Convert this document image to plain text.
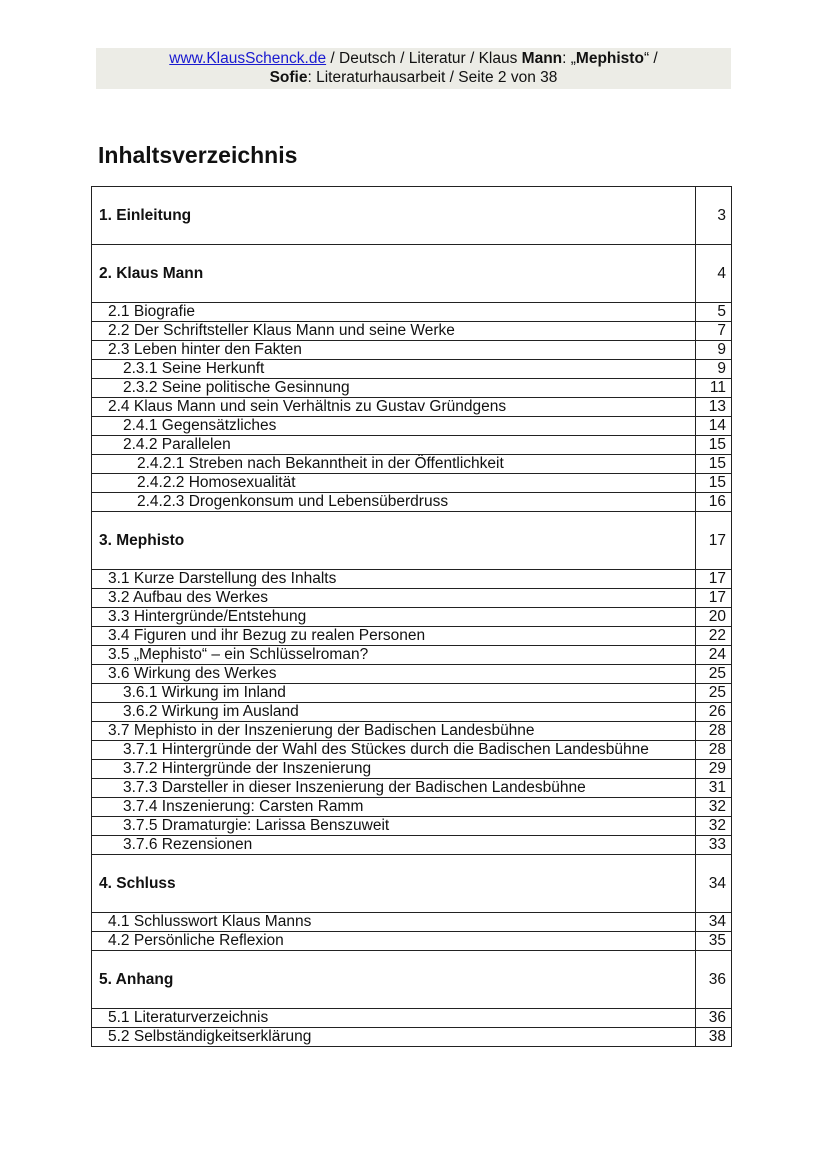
www.KlausSchenck.de / Deutsch / Literatur / Klaus Mann: „Mephisto“ /
Sofie: Literaturhausarbeit / Seite 2 von 38
Inhaltsverzeichnis
1. Einleitung	3
2. Klaus Mann	4
2.1 Biografie	5
2.2 Der Schriftsteller Klaus Mann und seine Werke	7
2.3 Leben hinter den Fakten	9
2.3.1 Seine Herkunft	9
2.3.2 Seine politische Gesinnung	11
2.4 Klaus Mann und sein Verhältnis zu Gustav Gründgens	13
2.4.1 Gegensätzliches	14
2.4.2 Parallelen	15
2.4.2.1 Streben nach Bekanntheit in der Öffentlichkeit	15
2.4.2.2 Homosexualität	15
2.4.2.3 Drogenkonsum und Lebensüberdruss	16
3. Mephisto	17
3.1 Kurze Darstellung des Inhalts	17
3.2 Aufbau des Werkes	17
3.3 Hintergründe/Entstehung	20
3.4 Figuren und ihr Bezug zu realen Personen	22
3.5 „Mephisto“ – ein Schlüsselroman?	24
3.6 Wirkung des Werkes	25
3.6.1 Wirkung im Inland	25
3.6.2 Wirkung im Ausland	26
3.7 Mephisto in der Inszenierung der Badischen Landesbühne	28
3.7.1 Hintergründe der Wahl des Stückes durch die Badischen Landesbühne	28
3.7.2 Hintergründe der Inszenierung	29
3.7.3 Darsteller in dieser Inszenierung der Badischen Landesbühne	31
3.7.4 Inszenierung: Carsten Ramm	32
3.7.5 Dramaturgie: Larissa Benszuweit	32
3.7.6 Rezensionen	33
4. Schluss	34
4.1 Schlusswort Klaus Manns	34
4.2 Persönliche Reflexion	35
5. Anhang	36
5.1 Literaturverzeichnis	36
5.2 Selbständigkeitserklärung	38
